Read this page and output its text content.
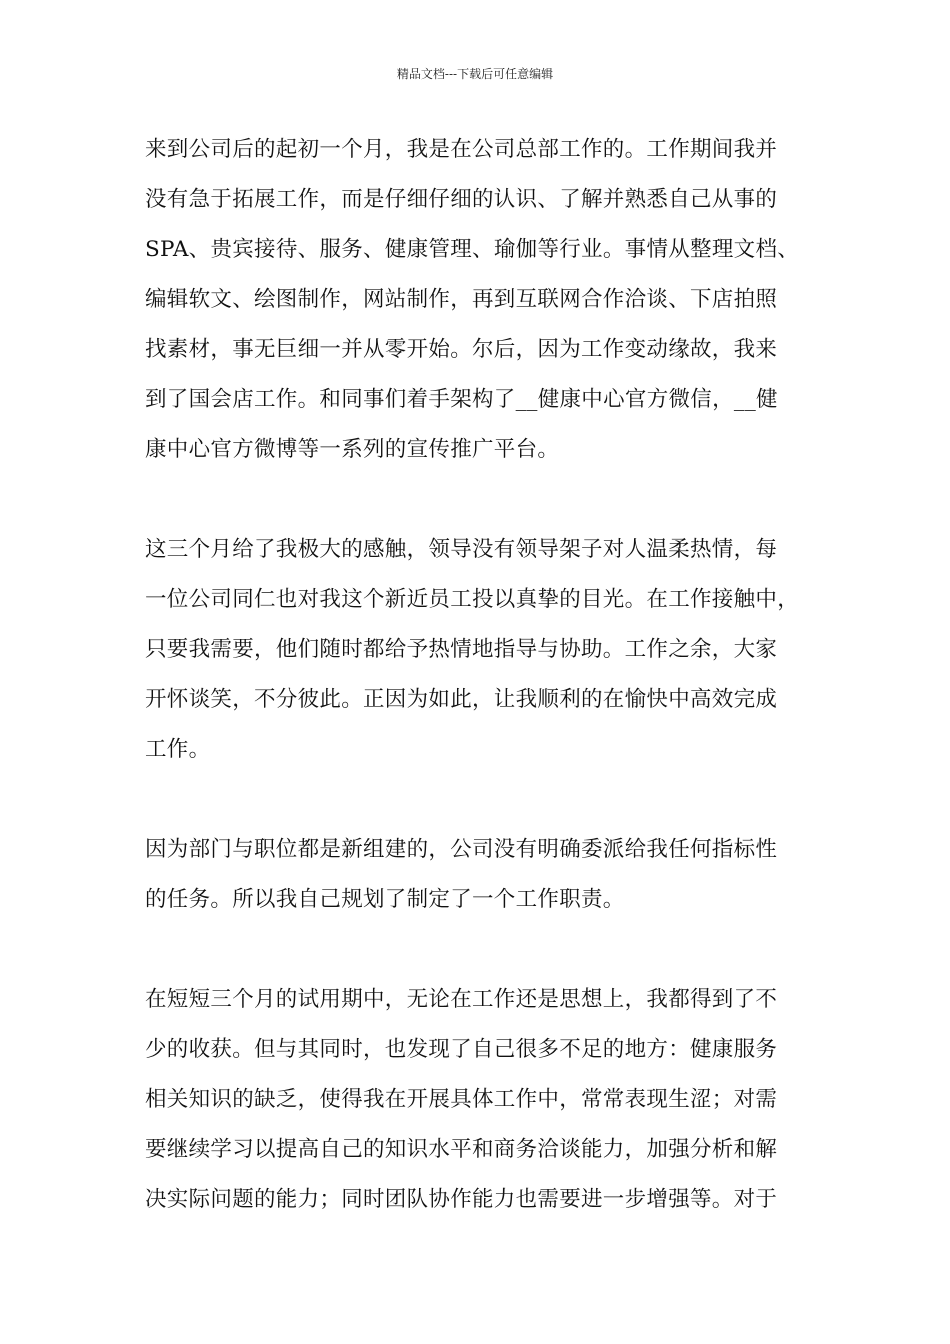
精品文档---下载后可任意编辑
来到公司后的起初一个月，我是在公司总部工作的。工作期间我并
没有急于拓展工作，而是仔细仔细的认识、了解并熟悉自己从事的
SPA、贵宾接待、服务、健康管理、瑜伽等行业。事情从整理文档、
编辑软文、绘图制作，网站制作，再到互联网合作洽谈、下店拍照
找素材，事无巨细一并从零开始。尔后，因为工作变动缘故，我来
到了国会店工作。和同事们着手架构了__健康中心官方微信，__健
康中心官方微博等一系列的宣传推广平台。
这三个月给了我极大的感触，领导没有领导架子对人温柔热情，每
一位公司同仁也对我这个新近员工投以真挚的目光。在工作接触中，
只要我需要，他们随时都给予热情地指导与协助。工作之余，大家
开怀谈笑，不分彼此。正因为如此，让我顺利的在愉快中高效完成
工作。
因为部门与职位都是新组建的，公司没有明确委派给我任何指标性
的任务。所以我自己规划了制定了一个工作职责。
在短短三个月的试用期中，无论在工作还是思想上，我都得到了不
少的收获。但与其同时，也发现了自己很多不足的地方：健康服务
相关知识的缺乏，使得我在开展具体工作中，常常表现生涩；对需
要继续学习以提高自己的知识水平和商务洽谈能力，加强分析和解
决实际问题的能力；同时团队协作能力也需要进一步增强等。对于
